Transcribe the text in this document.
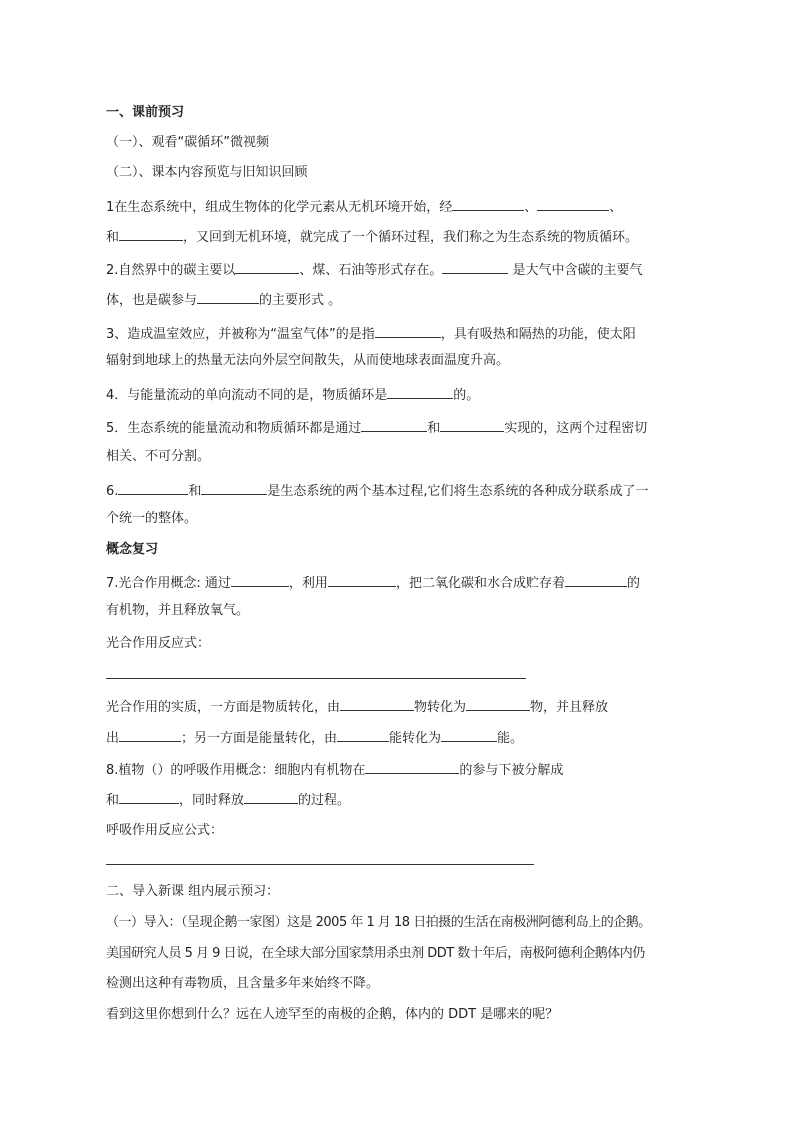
一、课前预习
（一）、观看“碳循环”微视频
（二）、课本内容预览与旧知识回顾
1在生态系统中，组成生物体的化学元素从无机环境开始，经	、	、
和	，又回到无机环境，就完成了一个循环过程，我们称之为生态系统的物质循环。
2.自然界中的碳主要以	、煤、石油等形式存在。	是大气中含碳的主要气
体，也是碳参与	的主要形式 。
3、造成温室效应，并被称为“温室气体”的是指	，具有吸热和隔热的功能，使太阳
辐射到地球上的热量无法向外层空间散失，从而使地球表面温度升高。
4．与能量流动的单向流动不同的是，物质循环是	的。
5．生态系统的能量流动和物质循环都是通过	和	实现的，这两个过程密切
相关、不可分割。
6.	和	是生态系统的两个基本过程,它们将生态系统的各种成分联系成了一
个统一的整体。
概念复习
7.光合作用概念: 通过	，利用	，把二氧化碳和水合成贮存着	的
有机物，并且释放氧气。
光合作用反应式：
光合作用的实质，一方面是物质转化，由	物转化为	物，并且释放
出	；另一方面是能量转化，由	能转化为	能。
8.植物（）的呼吸作用概念：细胞内有机物在	的参与下被分解成
和	，同时释放	的过程。
呼吸作用反应公式：
二、导入新课 组内展示预习：
（一）导入：（呈现企鹅一家图）这是 2005 年 1 月 18 日拍摄的生活在南极洲阿德利岛上的企鹅。
美国研究人员 5 月 9 日说，在全球大部分国家禁用杀虫剂 DDT 数十年后，南极阿德利企鹅体内仍
检测出这种有毒物质，且含量多年来始终不降。
看到这里你想到什么？远在人迹罕至的南极的企鹅，体内的 DDT 是哪来的呢？
